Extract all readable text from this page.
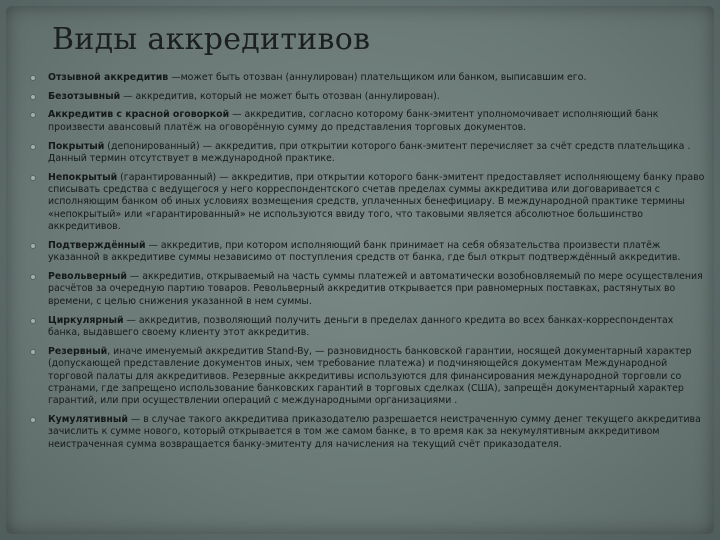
Виды аккредитивов
Отзывной аккредитив —может быть отозван (аннулирован) плательщиком или банком, выписавшим его.
Безотзывный — аккредитив, который не может быть отозван (аннулирован).
Аккредитив с красной оговоркой — аккредитив, согласно которому банк-эмитент уполномочивает исполняющий банк произвести авансовый платёж на оговорённую сумму до представления торговых документов.
Покрытый (депонированный) — аккредитив, при открытии которого банк-эмитент перечисляет за счёт средств плательщика . Данный термин отсутствует в международной практике.
Непокрытый (гарантированный) — аккредитив, при открытии которого банк-эмитент предоставляет исполняющему банку право списывать средства с ведущегося у него корреспондентского счетав пределах суммы аккредитива или договаривается с исполняющим банком об иных условиях возмещения средств, уплаченных бенефициару. В международной практике термины «непокрытый» или «гарантированный» не используются ввиду того, что таковыми является абсолютное большинство аккредитивов.
Подтверждённый — аккредитив, при котором исполняющий банк принимает на себя обязательства произвести платёж указанной в аккредитиве суммы независимо от поступления средств от банка, где был открыт подтверждённый аккредитив.
Револьверный — аккредитив, открываемый на часть суммы платежей и автоматически возобновляемый по мере осуществления расчётов за очередную партию товаров. Револьверный аккредитив открывается при равномерных поставках, растянутых во времени, с целью снижения указанной в нем суммы.
Циркулярный — аккредитив, позволяющий получить деньги в пределах данного кредита во всех банках-корреспондентах банка, выдавшего своему клиенту этот аккредитив.
Резервный, иначе именуемый аккредитив Stand-By, — разновидность банковской гарантии, носящей документарный характер (допускающей представление документов иных, чем требование платежа) и подчиняющейся документам Международной торговой палаты для аккредитивов. Резервные аккредитивы используются для финансирования международной торговли со странами, где запрещено использование банковских гарантий в торговых сделках (США), запрещён документарный характер гарантий, или при осуществлении операций с международными организациями .
Кумулятивный — в случае такого аккредитива приказодателю разрешается неистраченную сумму денег текущего аккредитива зачислить к сумме нового, который открывается в том же самом банке, в то время как за некумулятивным аккредитивом неистраченная сумма возвращается банку-эмитенту для начисления на текущий счёт приказодателя.
